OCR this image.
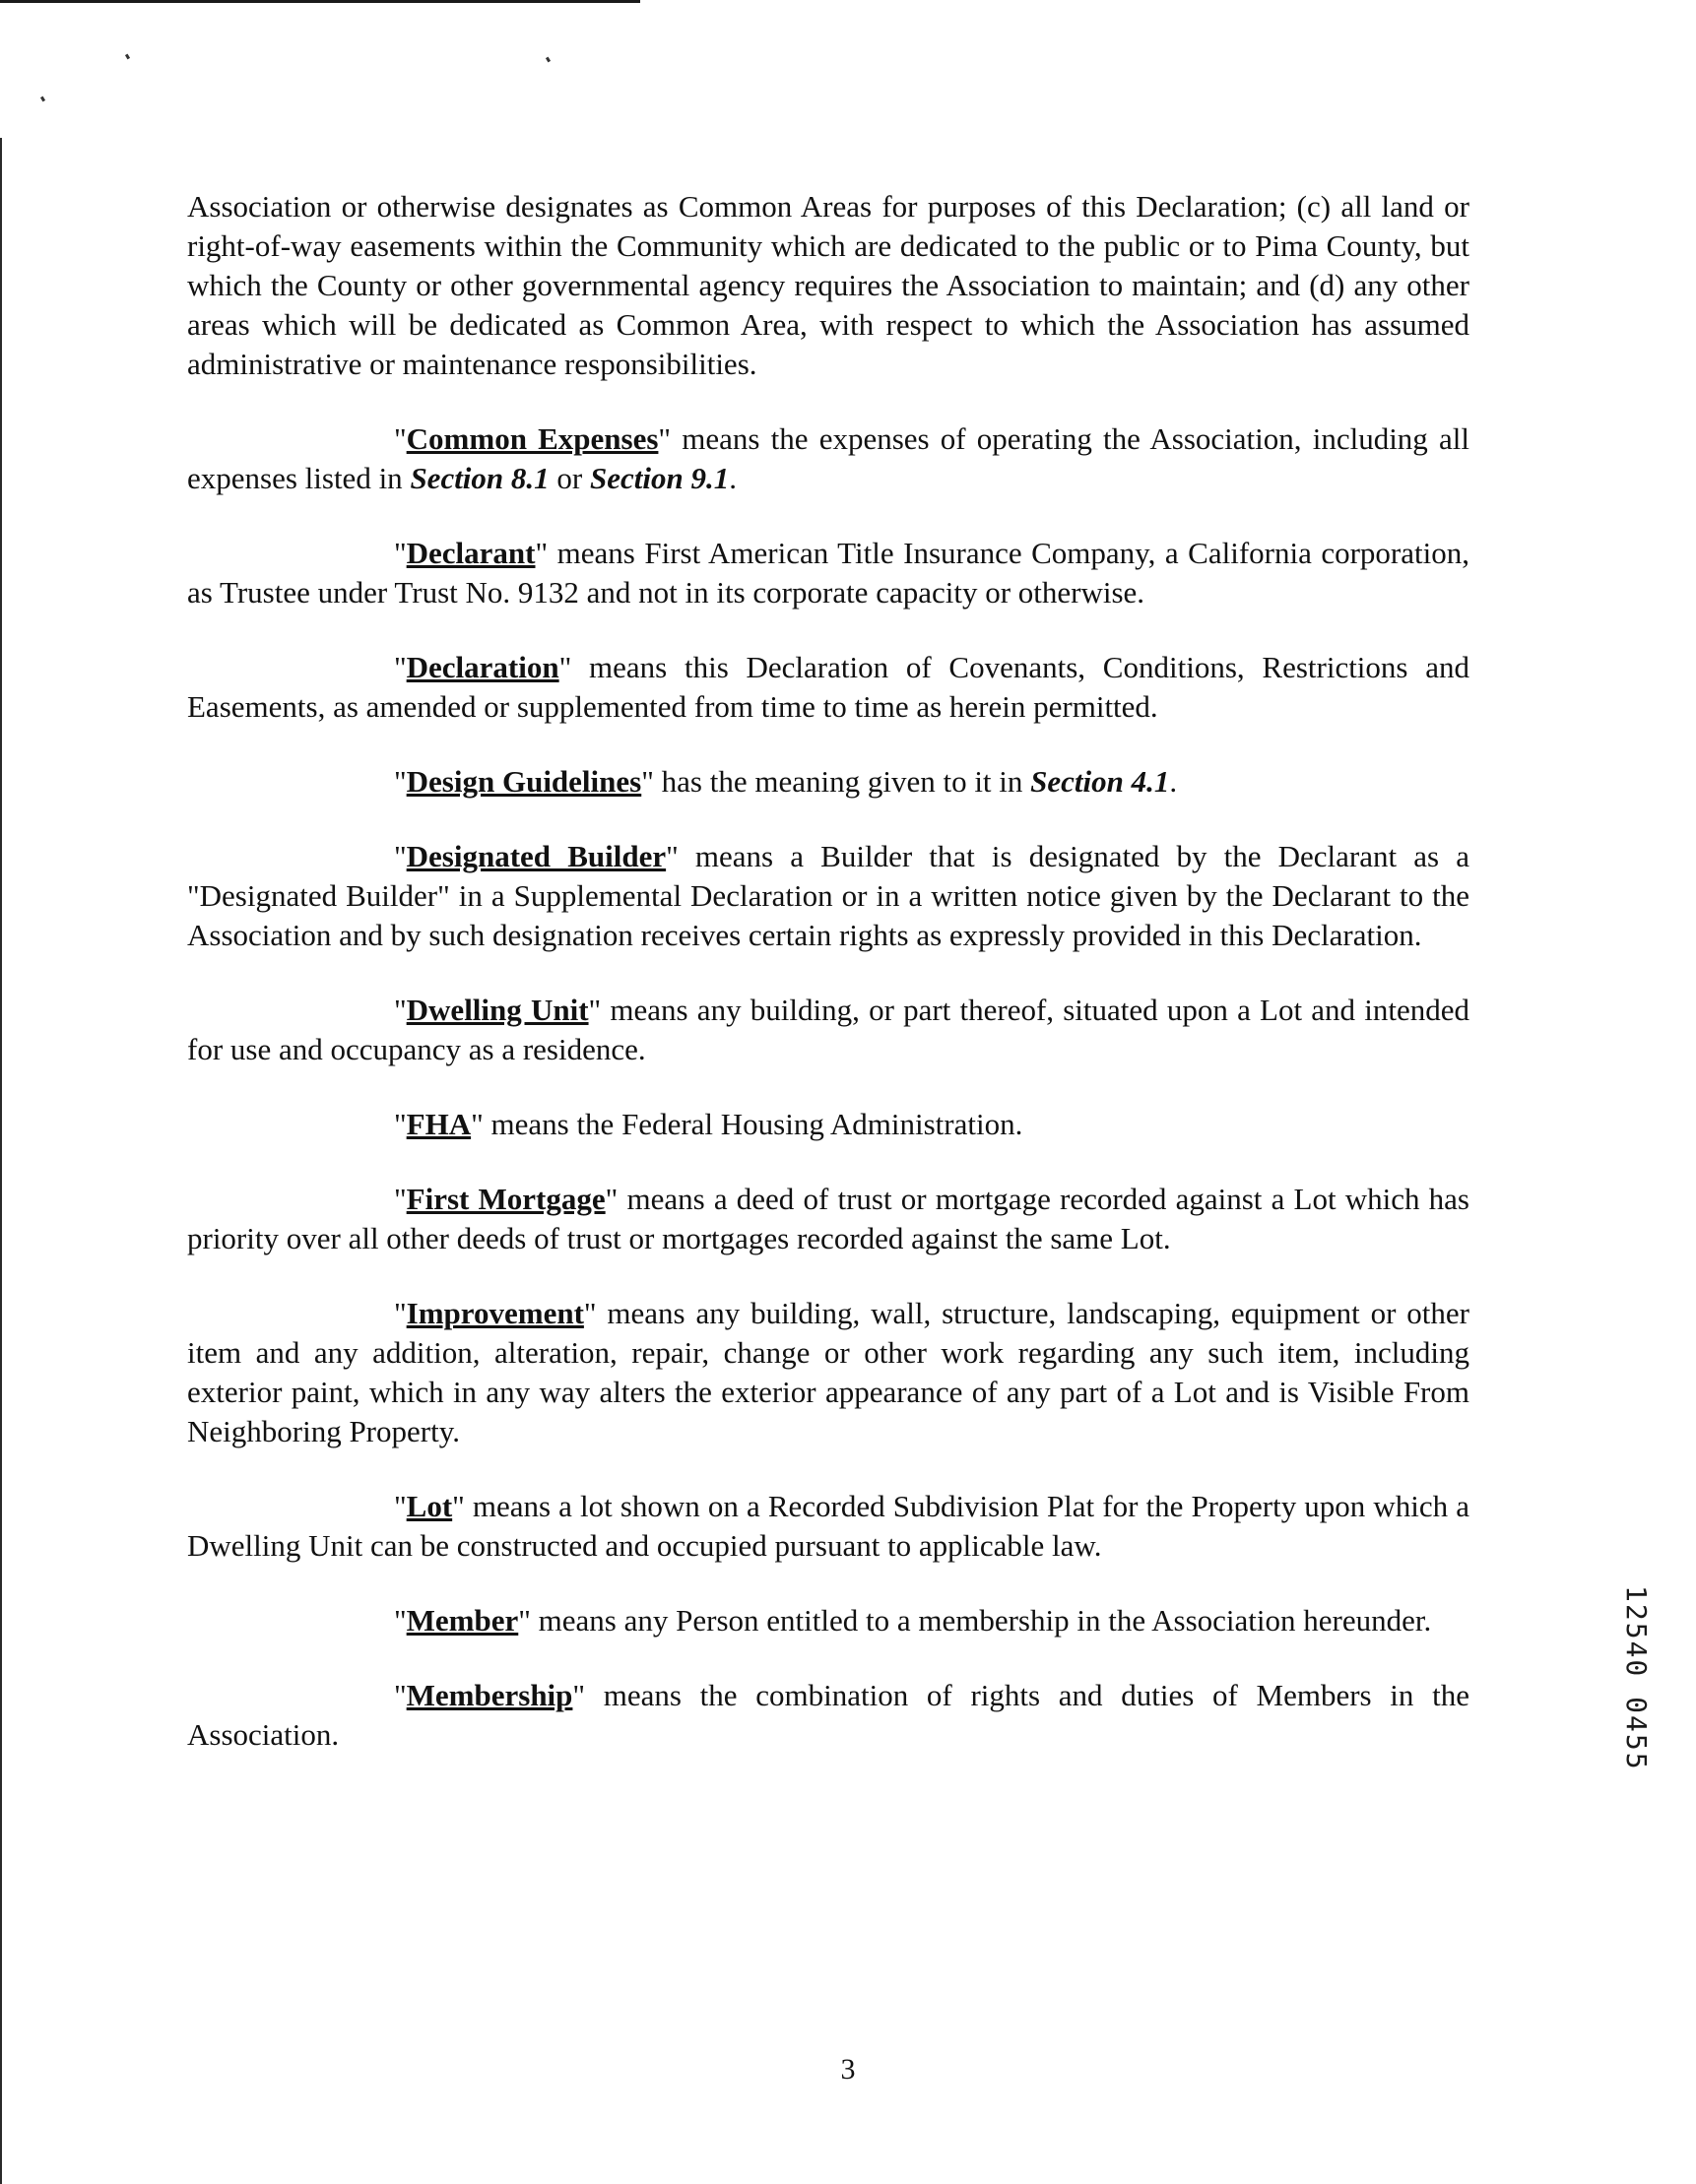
Association or otherwise designates as Common Areas for purposes of this Declaration; (c) all land or right-of-way easements within the Community which are dedicated to the public or to Pima County, but which the County or other governmental agency requires the Association to maintain; and (d) any other areas which will be dedicated as Common Area, with respect to which the Association has assumed administrative or maintenance responsibilities.

"Common Expenses" means the expenses of operating the Association, including all expenses listed in Section 8.1 or Section 9.1.

"Declarant" means First American Title Insurance Company, a California corporation, as Trustee under Trust No. 9132 and not in its corporate capacity or otherwise.

"Declaration" means this Declaration of Covenants, Conditions, Restrictions and Easements, as amended or supplemented from time to time as herein permitted.

"Design Guidelines" has the meaning given to it in Section 4.1.

"Designated Builder" means a Builder that is designated by the Declarant as a "Designated Builder" in a Supplemental Declaration or in a written notice given by the Declarant to the Association and by such designation receives certain rights as expressly provided in this Declaration.

"Dwelling Unit" means any building, or part thereof, situated upon a Lot and intended for use and occupancy as a residence.

"FHA" means the Federal Housing Administration.

"First Mortgage" means a deed of trust or mortgage recorded against a Lot which has priority over all other deeds of trust or mortgages recorded against the same Lot.

"Improvement" means any building, wall, structure, landscaping, equipment or other item and any addition, alteration, repair, change or other work regarding any such item, including exterior paint, which in any way alters the exterior appearance of any part of a Lot and is Visible From Neighboring Property.

"Lot" means a lot shown on a Recorded Subdivision Plat for the Property upon which a Dwelling Unit can be constructed and occupied pursuant to applicable law.

"Member" means any Person entitled to a membership in the Association hereunder.

"Membership" means the combination of rights and duties of Members in the Association.	12540 0455
3
